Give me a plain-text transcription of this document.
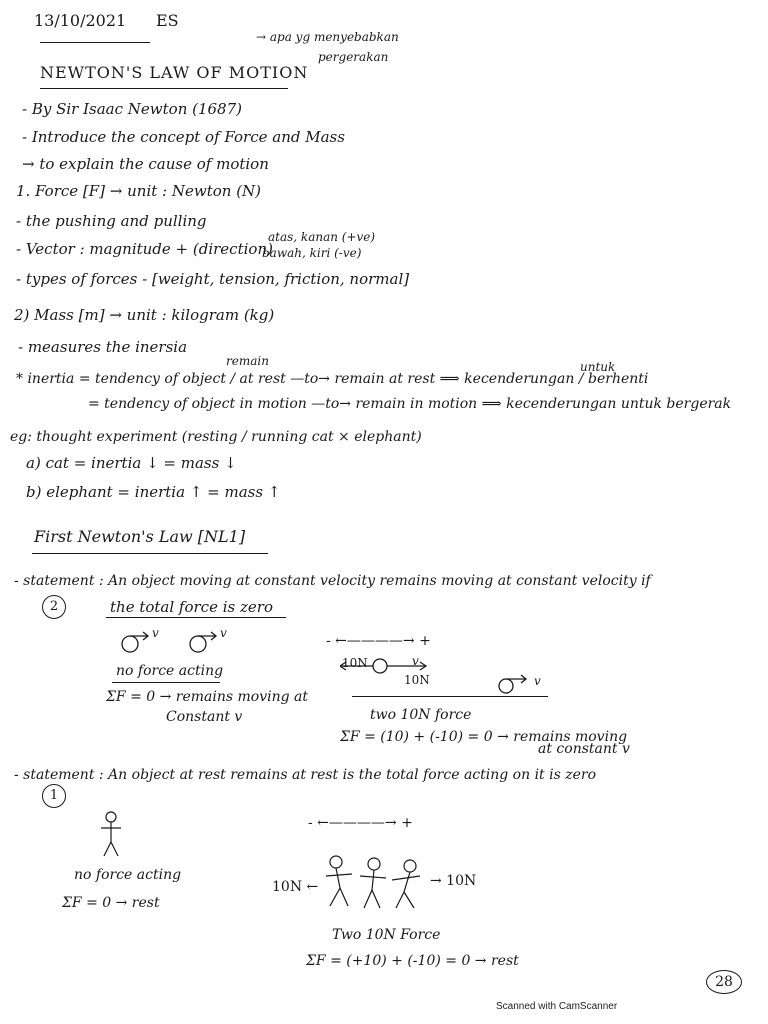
13/10/2021 ES
→ apa yg menyebabkan
pergerakan
NEWTON'S LAW OF MOTION
- By Sir Isaac Newton (1687)
- Introduce the concept of Force and Mass
→ to explain the cause of motion
1. Force [F] → unit : Newton (N)
- the pushing and pulling
- Vector : magnitude + (direction)
atas, kanan (+ve)
bawah, kiri (-ve)
- types of forces - [weight, tension, friction, normal]
2) Mass [m] → unit : kilogram (kg)
- measures the inersia
remain	untuk
* inertia = tendency of object / at rest —to→ remain at rest ⟹ kecenderungan / berhenti
= tendency of object in motion —to→ remain in motion ⟹ kecenderungan untuk bergerak
eg: thought experiment (resting / running cat × elephant)
a) cat = inertia ↓ = mass ↓
b) elephant = inertia ↑ = mass ↑
First Newton's Law [NL1]
- statement : An object moving at constant velocity remains moving at constant velocity if
2	the total force is zero
v	v
no force acting
ΣF = 0 → remains moving at
Constant v
- ←————→ +
10N	v
10N	v
two 10N force
ΣF = (10) + (-10) = 0 → remains moving
at constant v
- statement : An object at rest remains at rest is the total force acting on it is zero
1
no force acting
ΣF = 0 → rest
- ←————→ +
10N ←	→ 10N
Two 10N Force
ΣF = (+10) + (-10) = 0 → rest
28
Scanned with CamScanner
